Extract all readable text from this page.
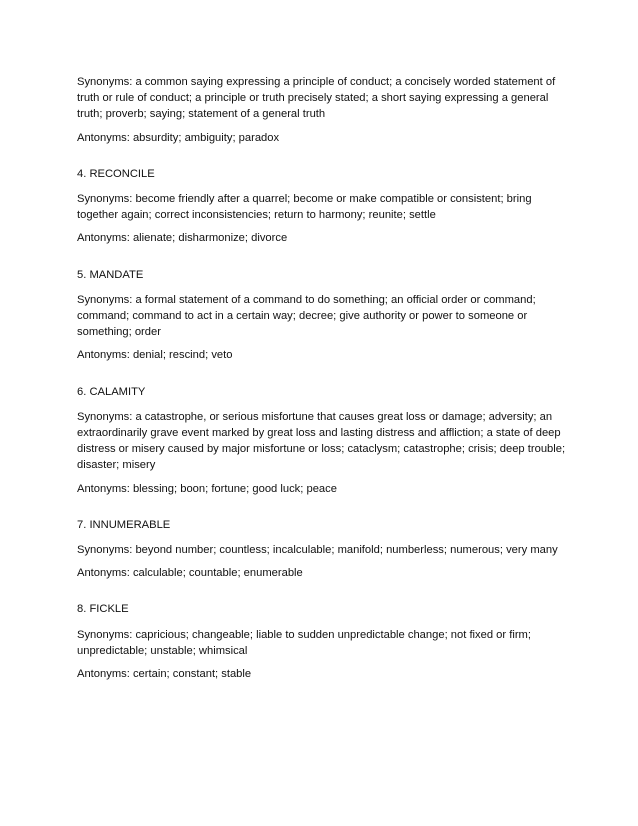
Synonyms: a common saying expressing a principle of conduct; a concisely worded statement of truth or rule of conduct; a principle or truth precisely stated; a short saying expressing a general truth; proverb; saying; statement of a general truth

Antonyms: absurdity; ambiguity; paradox

4. RECONCILE

Synonyms: become friendly after a quarrel; become or make compatible or consistent; bring together again; correct inconsistencies; return to harmony; reunite; settle

Antonyms: alienate; disharmonize; divorce

5. MANDATE

Synonyms: a formal statement of a command to do something; an official order or command; command; command to act in a certain way; decree; give authority or power to someone or something; order

Antonyms: denial; rescind; veto

6. CALAMITY

Synonyms: a catastrophe, or serious misfortune that causes great loss or damage; adversity; an extraordinarily grave event marked by great loss and lasting distress and affliction; a state of deep distress or misery caused by major misfortune or loss; cataclysm; catastrophe; crisis; deep trouble; disaster; misery

Antonyms: blessing; boon; fortune; good luck; peace

7. INNUMERABLE

Synonyms: beyond number; countless; incalculable; manifold; numberless; numerous; very many

Antonyms: calculable; countable; enumerable

8. FICKLE

Synonyms: capricious; changeable; liable to sudden unpredictable change; not fixed or firm; unpredictable; unstable; whimsical

Antonyms: certain; constant; stable
